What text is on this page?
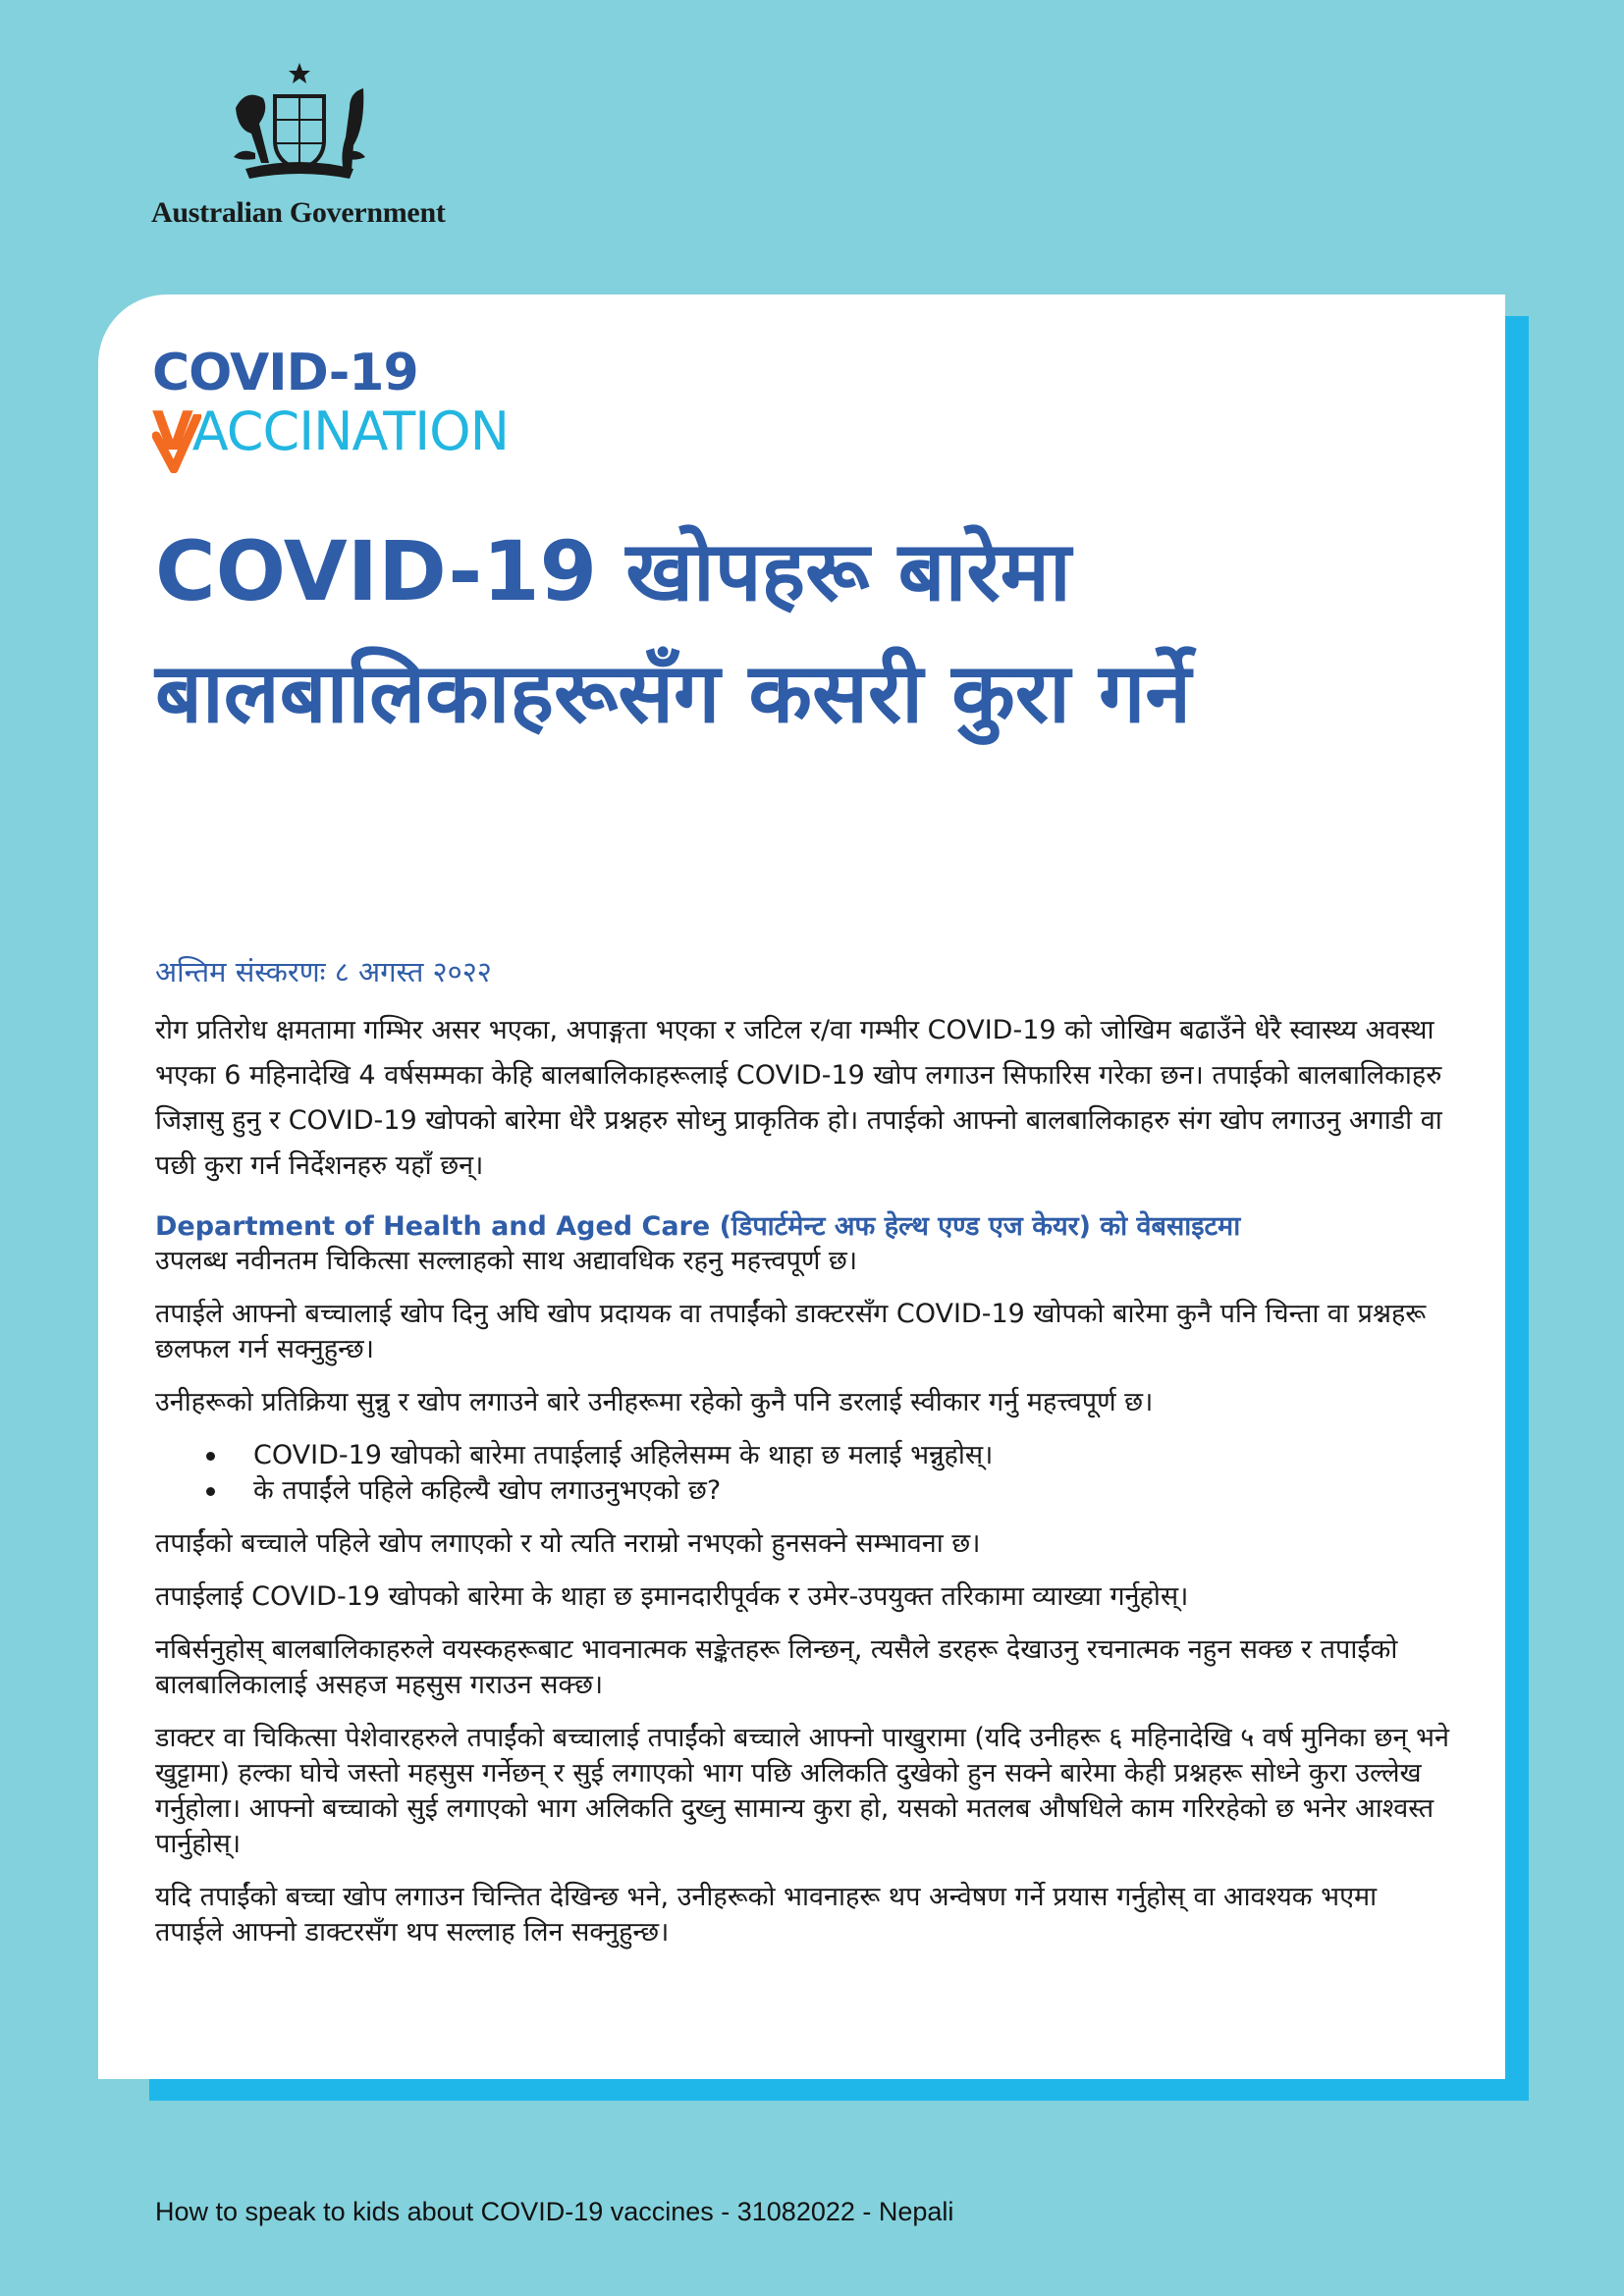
Australian Government
COVID-19
VACCINATION
COVID-19 खोपहरू बारेमा बालबालिकाहरूसँग कसरी कुरा गर्ने

अन्तिम संस्करणः ८ अगस्त २०२२

रोग प्रतिरोध क्षमतामा गम्भिर असर भएका, अपाङ्गता भएका र जटिल र/वा गम्भीर COVID-19 को जोखिम बढाउँने धेरै स्वास्थ्य अवस्था भएका 6 महिनादेखि 4 वर्षसम्मका केहि बालबालिकाहरूलाई COVID-19 खोप लगाउन सिफारिस गरेका छन। तपाईको बालबालिकाहरु जिज्ञासु हुनु र COVID-19 खोपको बारेमा धेरै प्रश्नहरु सोध्नु प्राकृतिक हो। तपाईको आफ्नो बालबालिकाहरु संग खोप लगाउनु अगाडी वा पछी कुरा गर्न निर्देशनहरु यहाँ छन्।

Department of Health and Aged Care (डिपार्टमेन्ट अफ हेल्थ एण्ड एज केयर) को वेबसाइटमा

उपलब्ध नवीनतम चिकित्सा सल्लाहको साथ अद्यावधिक रहनु महत्त्वपूर्ण छ।

तपाईले आफ्नो बच्चालाई खोप दिनु अघि खोप प्रदायक वा तपाईंको डाक्टरसँग COVID-19 खोपको बारेमा कुनै पनि चिन्ता वा प्रश्नहरू छलफल गर्न सक्नुहुन्छ।

उनीहरूको प्रतिक्रिया सुन्नु र खोप लगाउने बारे उनीहरूमा रहेको कुनै पनि डरलाई स्वीकार गर्नु महत्त्वपूर्ण छ।

COVID-19 खोपको बारेमा तपाईलाई अहिलेसम्म के थाहा छ मलाई भन्नुहोस्।
के तपाईंले पहिले कहिल्यै खोप लगाउनुभएको छ?

तपाईंको बच्चाले पहिले खोप लगाएको र यो त्यति नराम्रो नभएको हुनसक्ने सम्भावना छ।

तपाईलाई COVID-19 खोपको बारेमा के थाहा छ इमानदारीपूर्वक र उमेर-उपयुक्त तरिकामा व्याख्या गर्नुहोस्।

नबिर्सनुहोस् बालबालिकाहरुले वयस्कहरूबाट भावनात्मक सङ्केतहरू लिन्छन्, त्यसैले डरहरू देखाउनु रचनात्मक नहुन सक्छ र तपाईंको बालबालिकालाई असहज महसुस गराउन सक्छ।

डाक्टर वा चिकित्सा पेशेवारहरुले तपाईंको बच्चालाई तपाईंको बच्चाले आफ्नो पाखुरामा (यदि उनीहरू ६ महिनादेखि ५ वर्ष मुनिका छन् भने खुट्टामा) हल्का घोचे जस्तो महसुस गर्नेछन् र सुई लगाएको भाग पछि अलिकति दुखेको हुन सक्ने बारेमा केही प्रश्नहरू सोध्ने कुरा उल्लेख गर्नुहोला। आफ्नो बच्चाको सुई लगाएको भाग अलिकति दुख्नु सामान्य कुरा हो, यसको मतलब औषधिले काम गरिरहेको छ भनेर आश्वस्त पार्नुहोस्।

यदि तपाईंको बच्चा खोप लगाउन चिन्तित देखिन्छ भने, उनीहरूको भावनाहरू थप अन्वेषण गर्ने प्रयास गर्नुहोस् वा आवश्यक भएमा तपाईले आफ्नो डाक्टरसँग थप सल्लाह लिन सक्नुहुन्छ।

How to speak to kids about COVID-19 vaccines - 31082022 - Nepali
